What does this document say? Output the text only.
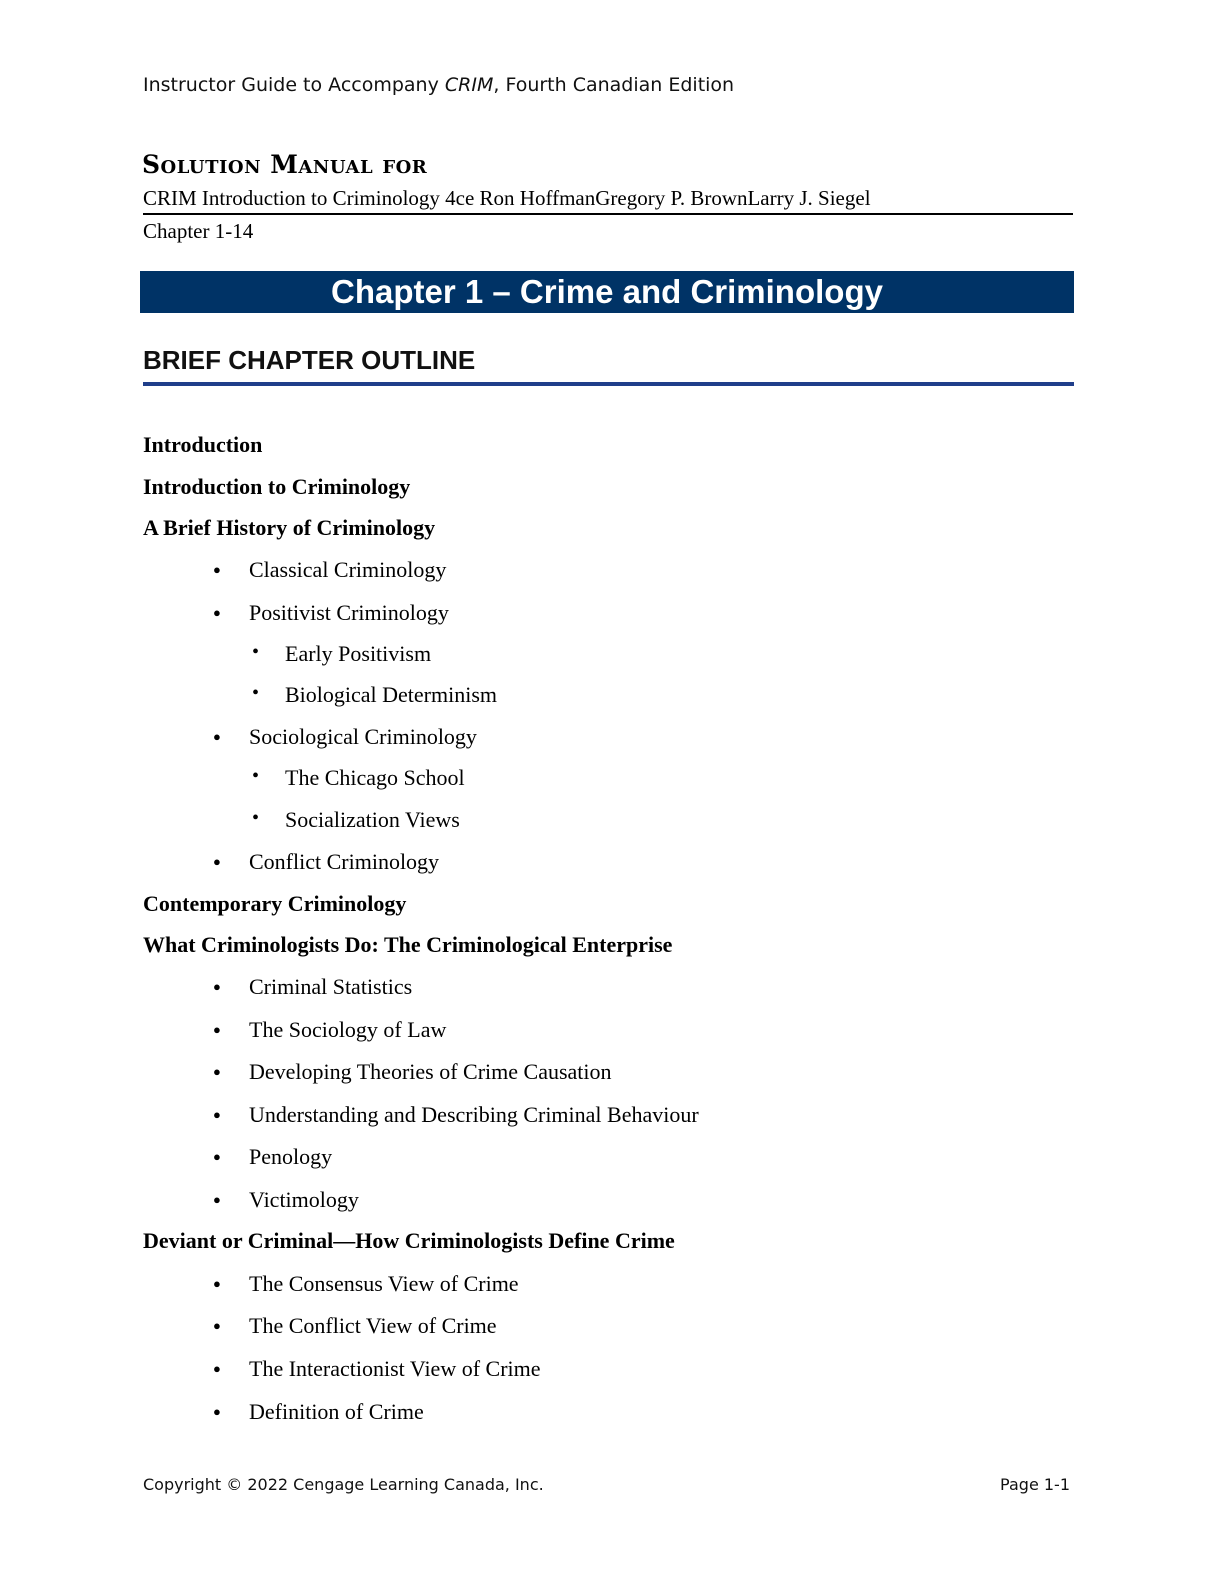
Instructor Guide to Accompany CRIM, Fourth Canadian Edition
Solution Manual for
CRIM Introduction to Criminology 4ce Ron HoffmanGregory P. BrownLarry J. Siegel
Chapter 1-14
Chapter 1 – Crime and Criminology
BRIEF CHAPTER OUTLINE
Introduction
Introduction to Criminology
A Brief History of Criminology
● Classical Criminology
● Positivist Criminology
• Early Positivism
• Biological Determinism
● Sociological Criminology
• The Chicago School
• Socialization Views
● Conflict Criminology
Contemporary Criminology
What Criminologists Do: The Criminological Enterprise
● Criminal Statistics
● The Sociology of Law
● Developing Theories of Crime Causation
● Understanding and Describing Criminal Behaviour
● Penology
● Victimology
Deviant or Criminal—How Criminologists Define Crime
● The Consensus View of Crime
● The Conflict View of Crime
● The Interactionist View of Crime
● Definition of Crime
Copyright © 2022 Cengage Learning Canada, Inc.	Page 1-1
